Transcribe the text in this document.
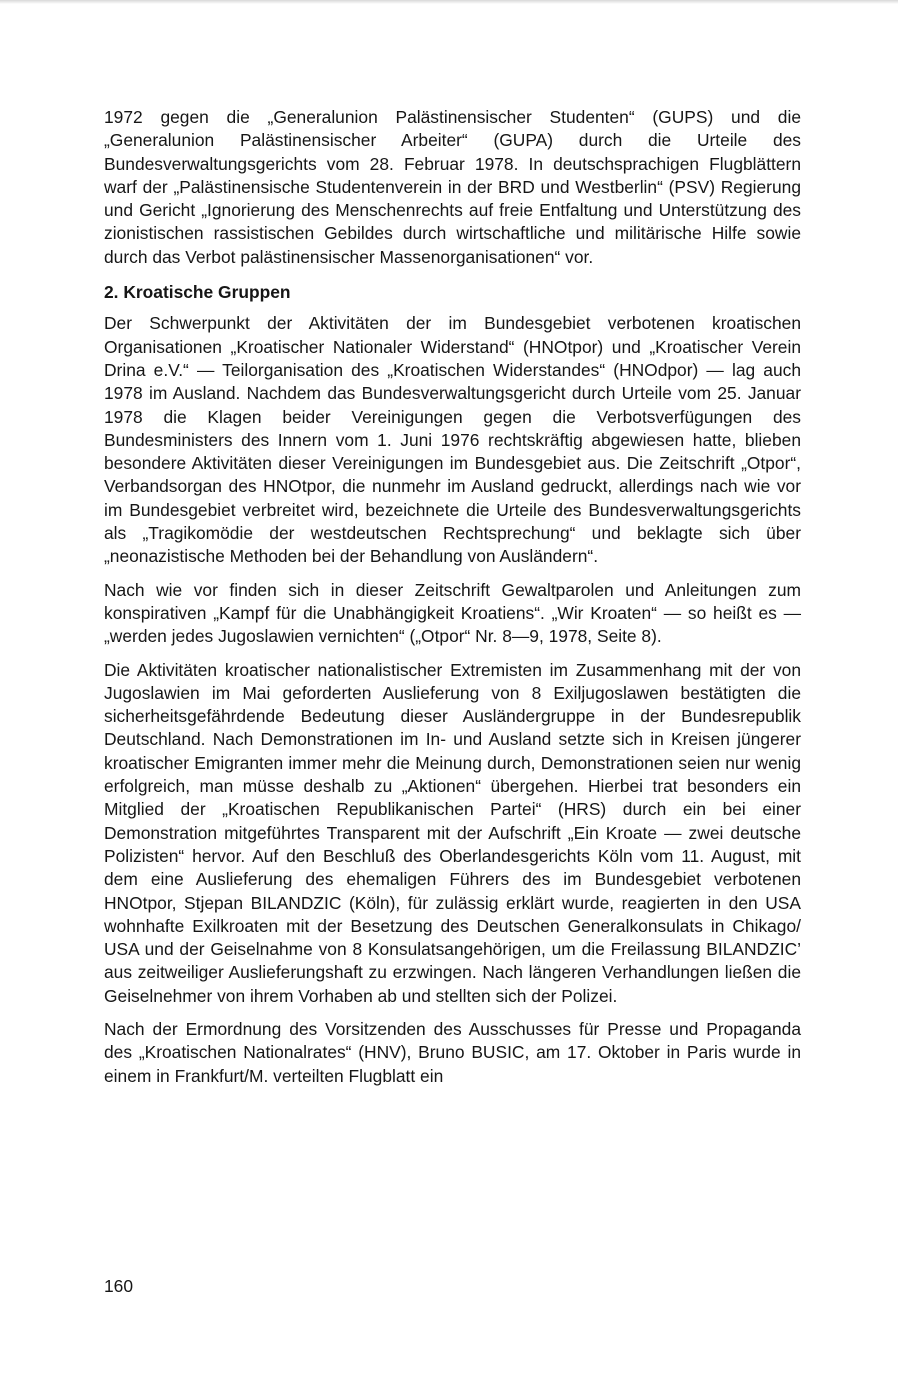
1972 gegen die „Generalunion Palästinensischer Studenten“ (GUPS) und die „Generalunion Palästinensischer Arbeiter“ (GUPA) durch die Urteile des Bundesverwaltungsgerichts vom 28. Februar 1978. In deutschsprachigen Flugblättern warf der „Palästinensische Studentenverein in der BRD und Westberlin“ (PSV) Regierung und Gericht „Ignorierung des Menschenrechts auf freie Entfaltung und Unterstützung des zionistischen rassistischen Gebildes durch wirtschaftliche und militärische Hilfe sowie durch das Verbot palästinensischer Massenorganisationen“ vor.

2. Kroatische Gruppen

Der Schwerpunkt der Aktivitäten der im Bundesgebiet verbotenen kroatischen Organisationen „Kroatischer Nationaler Widerstand“ (HNOtpor) und „Kroatischer Verein Drina e.V.“ — Teilorganisation des „Kroatischen Widerstandes“ (HNOdpor) — lag auch 1978 im Ausland. Nachdem das Bundesverwaltungsgericht durch Urteile vom 25. Januar 1978 die Klagen beider Vereinigungen gegen die Verbotsverfügungen des Bundesministers des Innern vom 1. Juni 1976 rechtskräftig abgewiesen hatte, blieben besondere Aktivitäten dieser Vereinigungen im Bundesgebiet aus. Die Zeitschrift „Otpor“, Verbandsorgan des HNOtpor, die nunmehr im Ausland gedruckt, allerdings nach wie vor im Bundesgebiet verbreitet wird, bezeichnete die Urteile des Bundesverwaltungsgerichts als „Tragikomödie der westdeutschen Rechtsprechung“ und beklagte sich über „neonazistische Methoden bei der Behandlung von Ausländern“.

Nach wie vor finden sich in dieser Zeitschrift Gewaltparolen und Anleitungen zum konspirativen „Kampf für die Unabhängigkeit Kroatiens“. „Wir Kroaten“ — so heißt es — „werden jedes Jugoslawien vernichten“ („Otpor“ Nr. 8—9, 1978, Seite 8).

Die Aktivitäten kroatischer nationalistischer Extremisten im Zusammenhang mit der von Jugoslawien im Mai geforderten Auslieferung von 8 Exiljugoslawen bestätigten die sicherheitsgefährdende Bedeutung dieser Ausländergruppe in der Bundesrepublik Deutschland. Nach Demonstrationen im In- und Ausland setzte sich in Kreisen jüngerer kroatischer Emigranten immer mehr die Meinung durch, Demonstrationen seien nur wenig erfolgreich, man müsse deshalb zu „Aktionen“ übergehen. Hierbei trat besonders ein Mitglied der „Kroatischen Republikanischen Partei“ (HRS) durch ein bei einer Demonstration mitgeführtes Transparent mit der Aufschrift „Ein Kroate — zwei deutsche Polizisten“ hervor. Auf den Beschluß des Oberlandesgerichts Köln vom 11. August, mit dem eine Auslieferung des ehemaligen Führers des im Bundesgebiet verbotenen HNOtpor, Stjepan BILANDZIC (Köln), für zulässig erklärt wurde, reagierten in den USA wohnhafte Exilkroaten mit der Besetzung des Deutschen Generalkonsulats in Chikago/ USA und der Geiselnahme von 8 Konsulatsangehörigen, um die Freilassung BILANDZIC’ aus zeitweiliger Auslieferungshaft zu erzwingen. Nach längeren Verhandlungen ließen die Geiselnehmer von ihrem Vorhaben ab und stellten sich der Polizei.

Nach der Ermordnung des Vorsitzenden des Ausschusses für Presse und Propaganda des „Kroatischen Nationalrates“ (HNV), Bruno BUSIC, am 17. Oktober in Paris wurde in einem in Frankfurt/M. verteilten Flugblatt ein

160
